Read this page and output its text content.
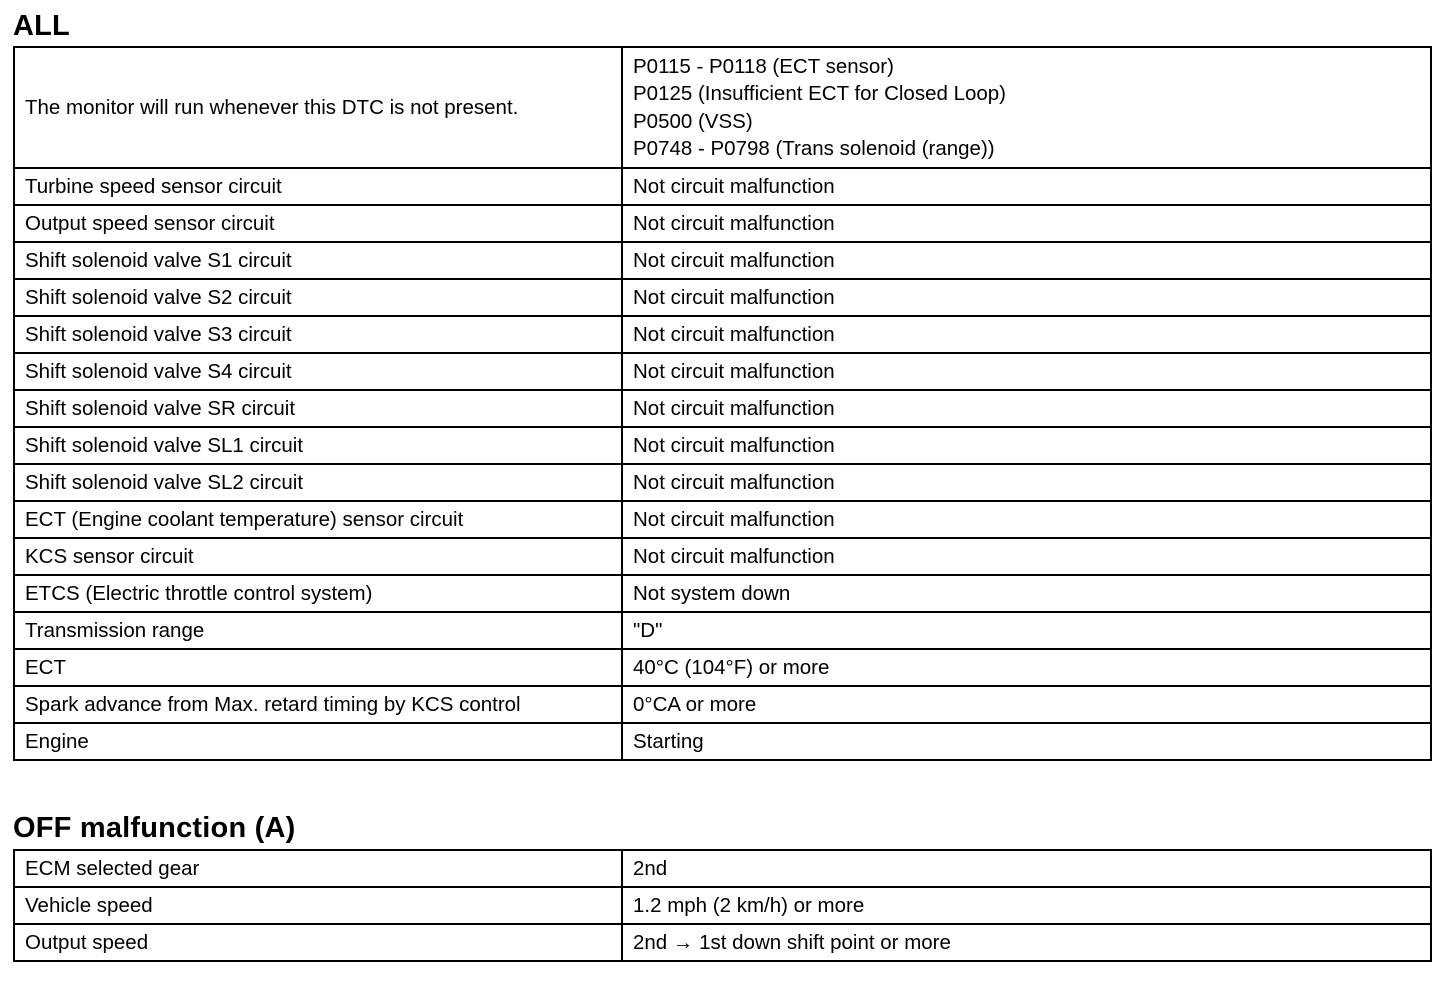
ALL
The monitor will run whenever this DTC is not present.	P0115 - P0118 (ECT sensor)
P0125 (Insufficient ECT for Closed Loop)
P0500 (VSS)
P0748 - P0798 (Trans solenoid (range))

Turbine speed sensor circuit	Not circuit malfunction
Output speed sensor circuit	Not circuit malfunction
Shift solenoid valve S1 circuit	Not circuit malfunction
Shift solenoid valve S2 circuit	Not circuit malfunction
Shift solenoid valve S3 circuit	Not circuit malfunction
Shift solenoid valve S4 circuit	Not circuit malfunction
Shift solenoid valve SR circuit	Not circuit malfunction
Shift solenoid valve SL1 circuit	Not circuit malfunction
Shift solenoid valve SL2 circuit	Not circuit malfunction
ECT (Engine coolant temperature) sensor circuit	Not circuit malfunction
KCS sensor circuit	Not circuit malfunction
ETCS (Electric throttle control system)	Not system down
Transmission range	"D"
ECT	40°C (104°F) or more
Spark advance from Max. retard timing by KCS control	0°CA or more
Engine	Starting
OFF malfunction (A)
ECM selected gear	2nd
Vehicle speed	1.2 mph (2 km/h) or more
Output speed	2nd → 1st down shift point or more
